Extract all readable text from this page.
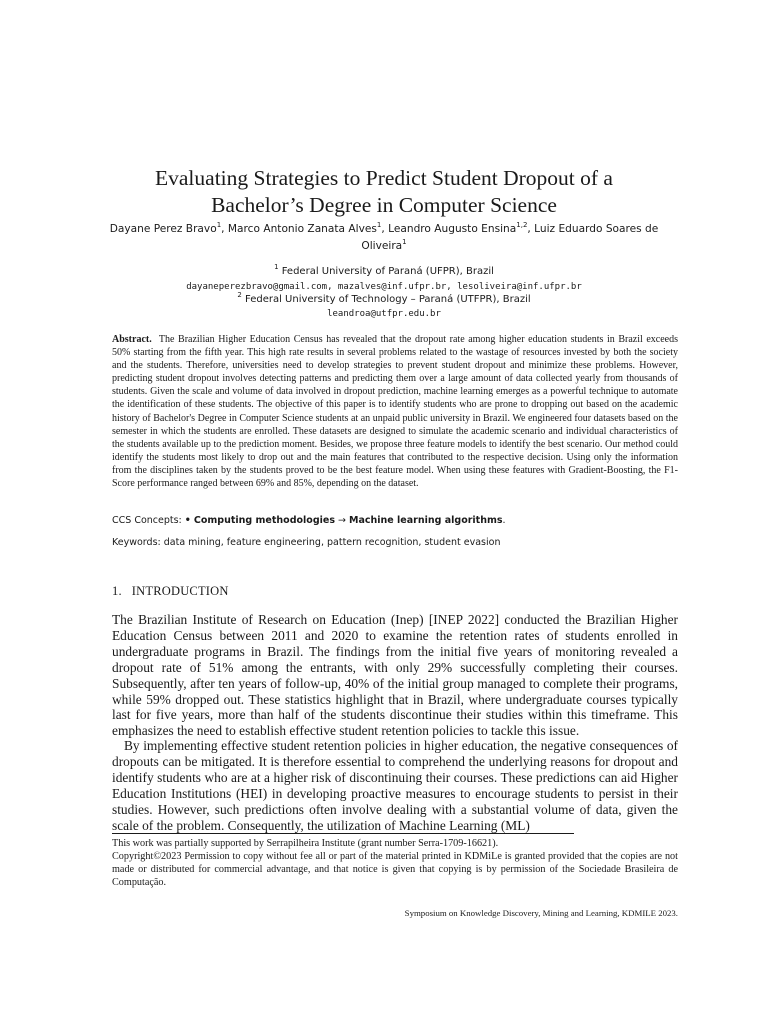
Evaluating Strategies to Predict Student Dropout of a
Bachelor’s Degree in Computer Science
Dayane Perez Bravo$^1$, Marco Antonio Zanata Alves$^1$, Leandro Augusto Ensina$^{1,2}$, Luiz Eduardo Soares de
Oliveira$^1$
$^1$ Federal University of Paraná (UFPR), Brazil
dayaneperezbravo@gmail.com, mazalves@inf.ufpr.br, lesoliveira@inf.ufpr.br
$^2$ Federal University of Technology – Paraná (UTFPR), Brazil
leandroa@utfpr.edu.br

Abstract. The Brazilian Higher Education Census has revealed that the dropout rate among higher education students in Brazil exceeds 50% starting from the fifth year. This high rate results in several problems related to the wastage of resources invested by both the society and the students. Therefore, universities need to develop strategies to prevent student dropout and minimize these problems. However, predicting student dropout involves detecting patterns and predicting them over a large amount of data collected yearly from thousands of students. Given the scale and volume of data involved in dropout prediction, machine learning emerges as a powerful technique to automate the identification of these students. The objective of this paper is to identify students who are prone to dropping out based on the academic history of Bachelor's Degree in Computer Science students at an unpaid public university in Brazil. We engineered four datasets based on the semester in which the students are enrolled. These datasets are designed to simulate the academic scenario and individual characteristics of the students available up to the prediction moment. Besides, we propose three feature models to identify the best scenario. Our method could identify the students most likely to drop out and the main features that contributed to the respective decision. Using only the information from the disciplines taken by the students proved to be the best feature model. When using these features with Gradient-Boosting, the F1-Score performance ranged between 69% and 85%, depending on the dataset.

CCS Concepts: • Computing methodologies → Machine learning algorithms.
Keywords: data mining, feature engineering, pattern recognition, student evasion
1. INTRODUCTION

The Brazilian Institute of Research on Education (Inep) [INEP 2022] conducted the Brazilian Higher Education Census between 2011 and 2020 to examine the retention rates of students enrolled in undergraduate programs in Brazil. The findings from the initial five years of monitoring revealed a dropout rate of 51% among the entrants, with only 29% successfully completing their courses. Subsequently, after ten years of follow-up, 40% of the initial group managed to complete their programs, while 59% dropped out. These statistics highlight that in Brazil, where undergraduate courses typically last for five years, more than half of the students discontinue their studies within this timeframe. This emphasizes the need to establish effective student retention policies to tackle this issue.

By implementing effective student retention policies in higher education, the negative consequences of dropouts can be mitigated. It is therefore essential to comprehend the underlying reasons for dropout and identify students who are at a higher risk of discontinuing their courses. These predictions can aid Higher Education Institutions (HEI) in developing proactive measures to encourage students to persist in their studies. However, such predictions often involve dealing with a substantial volume of data, given the scale of the problem. Consequently, the utilization of Machine Learning (ML)

This work was partially supported by Serrapilheira Institute (grant number Serra-1709-16621).
Copyright©2023 Permission to copy without fee all or part of the material printed in KDMiLe is granted provided that the copies are not made or distributed for commercial advantage, and that notice is given that copying is by permission of the Sociedade Brasileira de Computação.
Symposium on Knowledge Discovery, Mining and Learning, KDMILE 2023.
